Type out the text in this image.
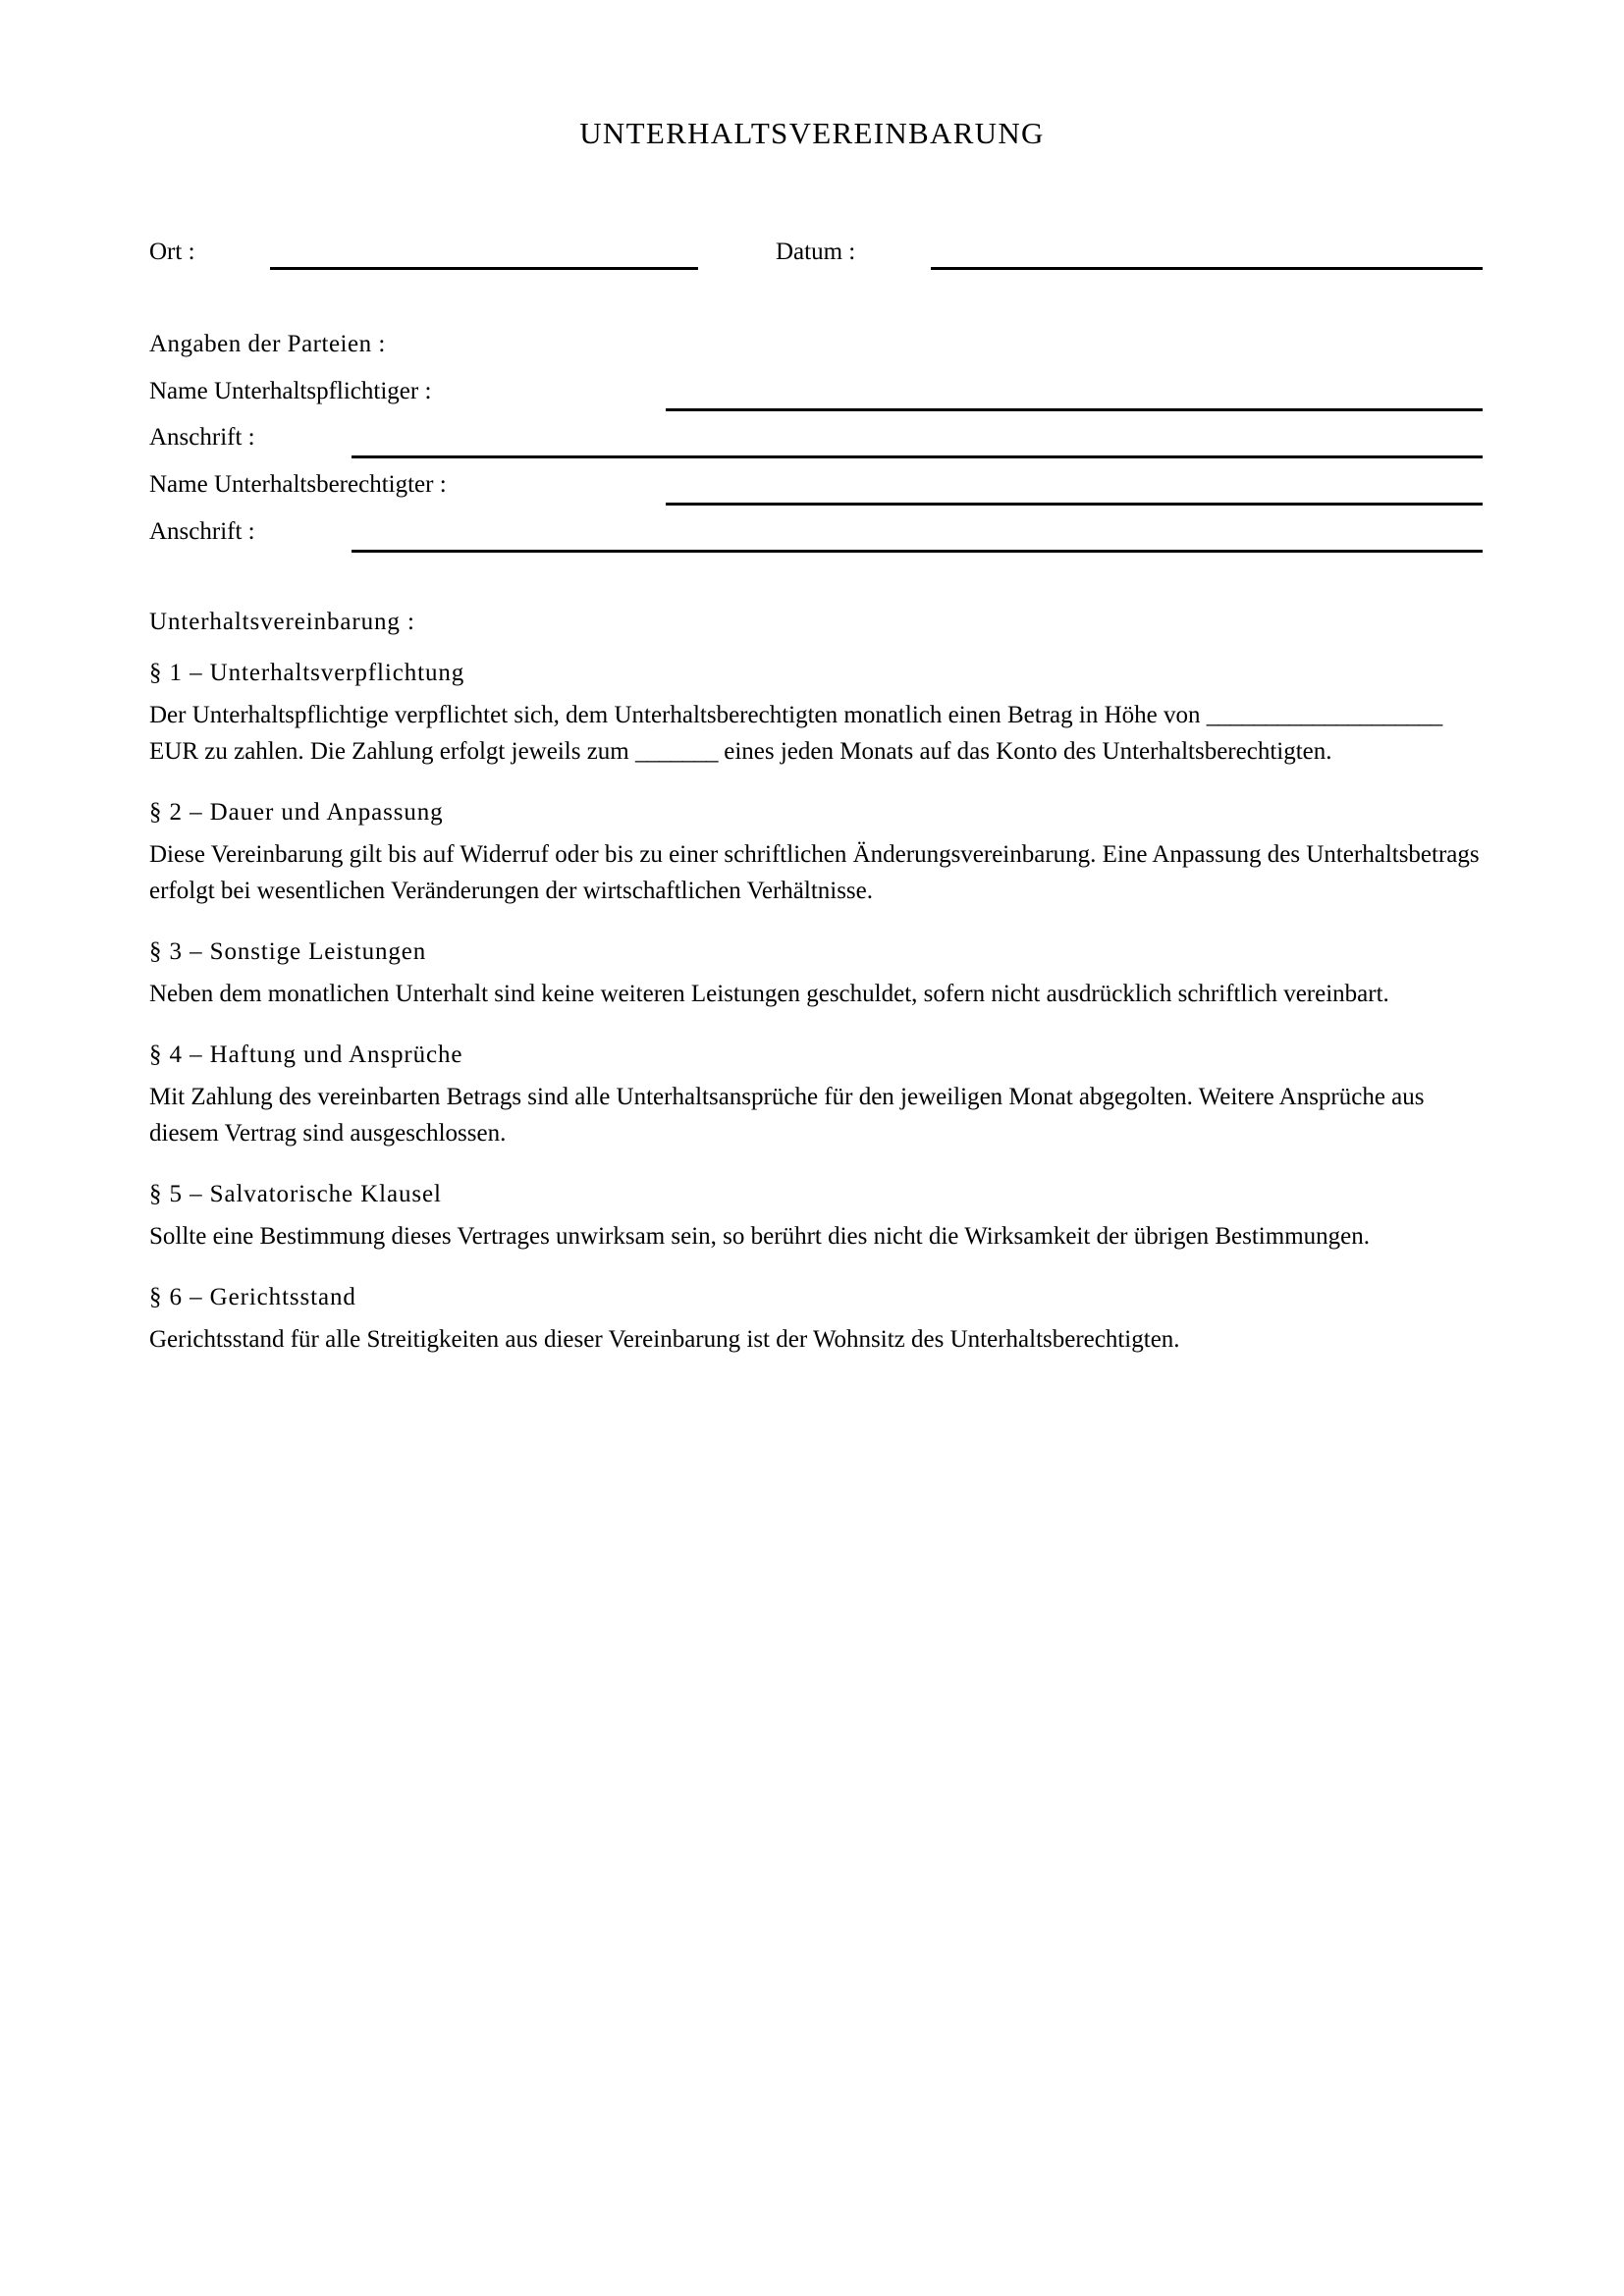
UNTERHALTSVEREINBARUNG
Ort :	Datum :
Angaben der Parteien :
Name Unterhaltspflichtiger :
Anschrift :
Name Unterhaltsberechtigter :
Anschrift :
Unterhaltsvereinbarung :
§ 1 – Unterhaltsverpflichtung

Der Unterhaltspflichtige verpflichtet sich, dem Unterhaltsberechtigten monatlich einen Betrag in Höhe von ____________________ EUR zu zahlen. Die Zahlung erfolgt jeweils zum _______ eines jeden Monats auf das Konto des Unterhaltsberechtigten.

§ 2 – Dauer und Anpassung

Diese Vereinbarung gilt bis auf Widerruf oder bis zu einer schriftlichen Änderungsvereinbarung. Eine Anpassung des Unterhaltsbetrags erfolgt bei wesentlichen Veränderungen der wirtschaftlichen Verhältnisse.

§ 3 – Sonstige Leistungen

Neben dem monatlichen Unterhalt sind keine weiteren Leistungen geschuldet, sofern nicht ausdrücklich schriftlich vereinbart.

§ 4 – Haftung und Ansprüche

Mit Zahlung des vereinbarten Betrags sind alle Unterhaltsansprüche für den jeweiligen Monat abgegolten. Weitere Ansprüche aus diesem Vertrag sind ausgeschlossen.

§ 5 – Salvatorische Klausel

Sollte eine Bestimmung dieses Vertrages unwirksam sein, so berührt dies nicht die Wirksamkeit der übrigen Bestimmungen.

§ 6 – Gerichtsstand

Gerichtsstand für alle Streitigkeiten aus dieser Vereinbarung ist der Wohnsitz des Unterhaltsberechtigten.
